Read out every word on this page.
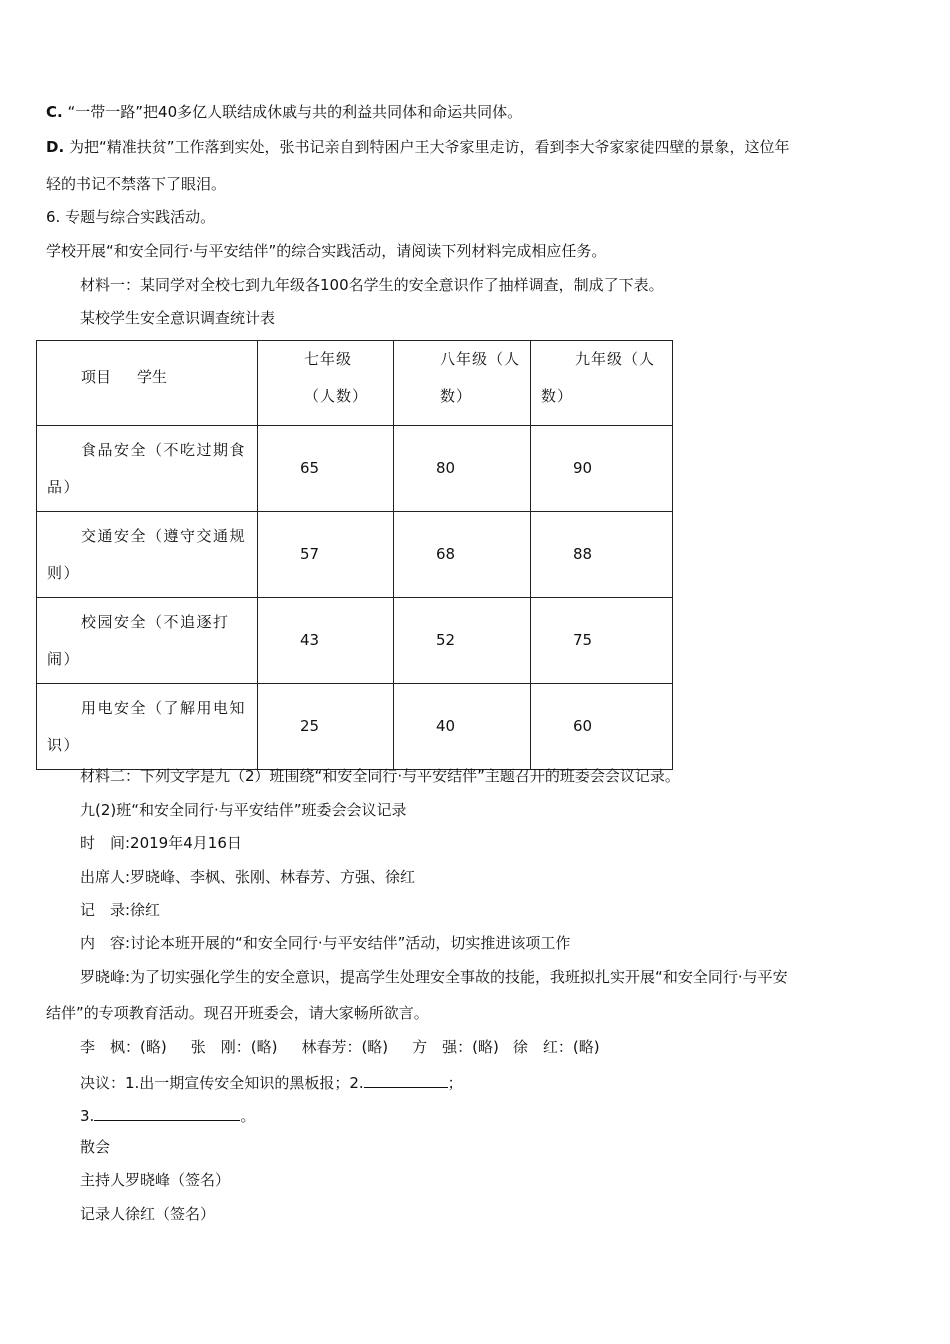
C. “一带一路”把40多亿人联结成休戚与共的利益共同体和命运共同体。
D. 为把“精准扶贫”工作落到实处，张书记亲自到特困户王大爷家里走访，看到李大爷家家徒四壁的景象，这位年
轻的书记不禁落下了眼泪。
6. 专题与综合实践活动。
学校开展“和安全同行·与平安结伴”的综合实践活动，请阅读下列材料完成相应任务。
材料一：某同学对全校七到九年级各100名学生的安全意识作了抽样调查，制成了下表。
某校学生安全意识调查统计表
项目 学生	七年级（人数）	八年级（人数）	九年级（人数）

食品安全（不吃过期食品）	65	80	90

交通安全（遵守交通规则）	57	68	88

校园安全（不追逐打闹）	43	52	75

用电安全（了解用电知识）	25	40	60
材料二：下列文字是九（2）班围绕“和安全同行·与平安结伴”主题召开的班委会会议记录。
九(2)班“和安全同行·与平安结伴”班委会会议记录
时　间:2019年4月16日
出席人:罗晓峰、李枫、张刚、林春芳、方强、徐红
记　录:徐红
内　容:讨论本班开展的“和安全同行·与平安结伴”活动，切实推进该项工作
罗晓峰:为了切实强化学生的安全意识，提高学生处理安全事故的技能，我班拟扎实开展“和安全同行·与平安
结伴”的专项教育活动。现召开班委会，请大家畅所欲言。
李　枫：(略) 张　刚：(略) 林春芳：(略) 方　强：(略) 徐　红：(略)
决议：1.出一期宣传安全知识的黑板报；2.	；
3.	。
散会
主持人罗晓峰（签名）
记录人徐红（签名）
